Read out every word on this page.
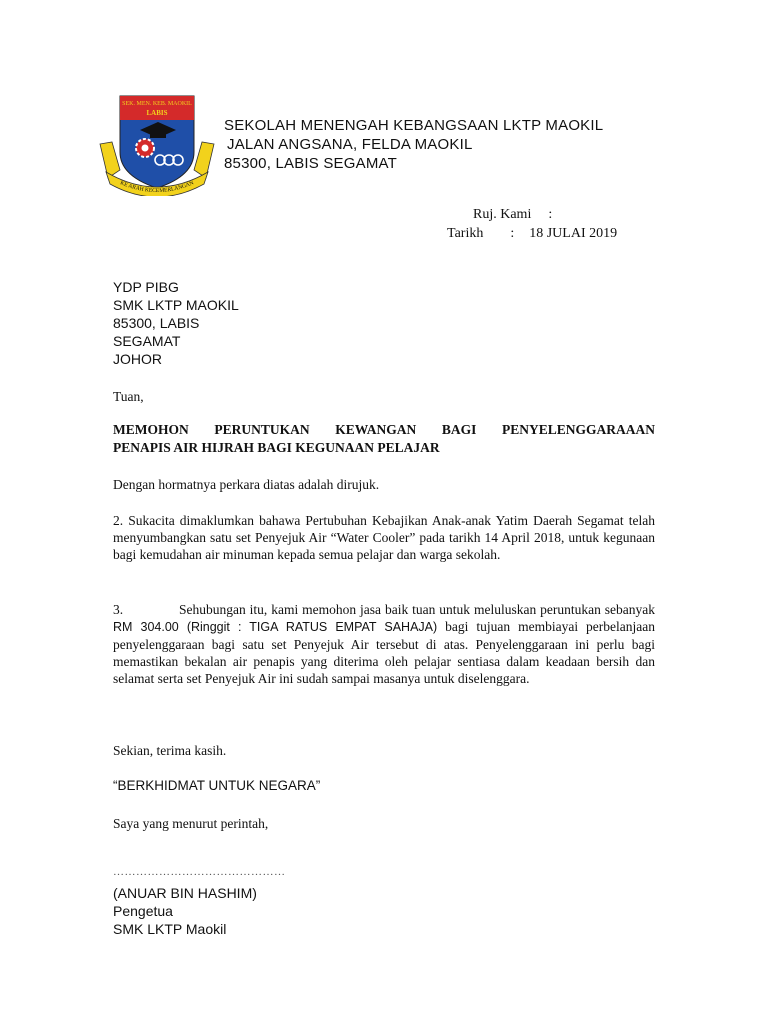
SEK. MEN. KEB. MAOKIL
LABIS
KE ARAH KECEMERLANGAN
SEKOLAH MENENGAH KEBANGSAAN LKTP MAOKIL
JALAN ANGSANA, FELDA MAOKIL
85300, LABIS SEGAMAT
Ruj. Kami :
Tarikh : 18 JULAI 2019
YDP PIBG
SMK LKTP MAOKIL
85300, LABIS
SEGAMAT
JOHOR
Tuan,
MEMOHON PERUNTUKAN KEWANGAN BAGI PENYELENGGARAAAN
PENAPIS AIR HIJRAH BAGI KEGUNAAN PELAJAR
Dengan hormatnya perkara diatas adalah dirujuk.
2. Sukacita dimaklumkan bahawa Pertubuhan Kebajikan Anak-anak Yatim Daerah Segamat telah menyumbangkan satu set Penyejuk Air “Water Cooler” pada tarikh 14 April 2018, untuk kegunaan bagi kemudahan air minuman kepada semua pelajar dan warga sekolah.
3.	Sehubungan itu, kami memohon jasa baik tuan untuk meluluskan peruntukan sebanyak RM 304.00 (Ringgit : TIGA RATUS EMPAT SAHAJA) bagi tujuan membiayai perbelanjaan penyelenggaraan bagi satu set Penyejuk Air tersebut di atas. Penyelenggaraan ini perlu bagi memastikan bekalan air penapis yang diterima oleh pelajar sentiasa dalam keadaan bersih dan selamat serta set Penyejuk Air ini sudah sampai masanya untuk diselenggara.
Sekian, terima kasih.
“BERKHIDMAT UNTUK NEGARA”
Saya yang menurut perintah,
………………………………………
(ANUAR BIN HASHIM)
Pengetua
SMK LKTP Maokil
